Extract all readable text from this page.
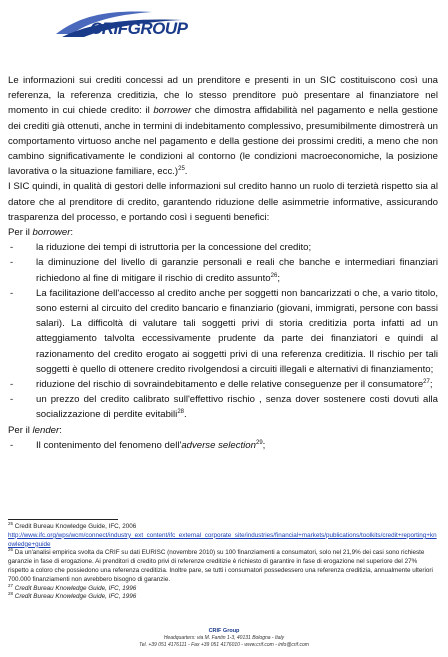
CRIFGROUP

Le informazioni sui crediti concessi ad un prenditore e presenti in un SIC costituiscono così una referenza, la referenza creditizia, che lo stesso prenditore può presentare al finanziatore nel momento in cui chiede credito: il borrower che dimostra affidabilità nel pagamento e nella gestione dei crediti già ottenuti, anche in termini di indebitamento complessivo, presumibilmente dimostrerà un comportamento virtuoso anche nel pagamento e della gestione dei prossimi crediti, a meno che non cambino significativamente le condizioni al contorno (le condizioni macroeconomiche, la posizione lavorativa o la situazione familiare, ecc.)$^{25}$.

I SIC quindi, in qualità di gestori delle informazioni sul credito hanno un ruolo di terzietà rispetto sia al datore che al prenditore di credito, garantendo riduzione delle asimmetrie informative, assicurando trasparenza del processo, e portando così i seguenti benefici:

Per il borrower:

- la riduzione dei tempi di istruttoria per la concessione del credito;
- la diminuzione del livello di garanzie personali e reali che banche e intermediari finanziari richiedono al fine di mitigare il rischio di credito assunto$^{26}$;
- La facilitazione dell'accesso al credito anche per soggetti non bancarizzati o che, a vario titolo, sono esterni al circuito del credito bancario e finanziario (giovani, immigrati, persone con bassi salari). La difficoltà di valutare tali soggetti privi di storia creditizia porta infatti ad un atteggiamento talvolta eccessivamente prudente da parte dei finanziatori e quindi al razionamento del credito erogato ai soggetti privi di una referenza creditizia. Il rischio per tali soggetti è quello di ottenere credito rivolgendosi a circuiti illegali e alternativi di finanziamento;
- riduzione del rischio di sovraindebitamento e delle relative conseguenze per il consumatore$^{27}$;
- un prezzo del credito calibrato sull'effettivo rischio , senza dover sostenere costi dovuti alla socializzazione di perdite evitabili$^{28}$.

Per il lender:

- Il contenimento del fenomeno dell'adverse selection$^{29}$;

$^{25}$ Credit Bureau Knowledge Guide, IFC, 2006

http://www.ifc.org/wps/wcm/connect/industry_ext_content/ifc_external_corporate_site/industries/financial+markets/publications/toolkits/credit+reporting+knowledge+guide

$^{26}$ Da un'analisi empirica svolta da CRIF su dati EURISC (novembre 2010) su 100 finanziamenti a consumatori, solo nel 21,9% dei casi sono richieste garanzie in fase di erogazione. Ai prenditori di credito privi di referenze creditizie è richiesto di garantire in fase di erogazione nel superiore del 27% rispetto a coloro che possiedono una referenza creditizia. Inoltre pare, se tutti i consumatori possedessero una referenza creditizia, annualmente ulteriori 700.000 finanziamenti non avrebbero bisogno di garanzie.

$^{27}$ Credit Bureau Knowledge Guide, IFC, 1996

$^{28}$ Credit Bureau Knowledge Guide, IFC, 1996

CRIF Group
Headquarters: via M. Fantin 1-3, 40131 Bologna - Italy
Tel. +39 051 4176111 - Fax +39 051 4176010 - www.crif.com - info@crif.com
